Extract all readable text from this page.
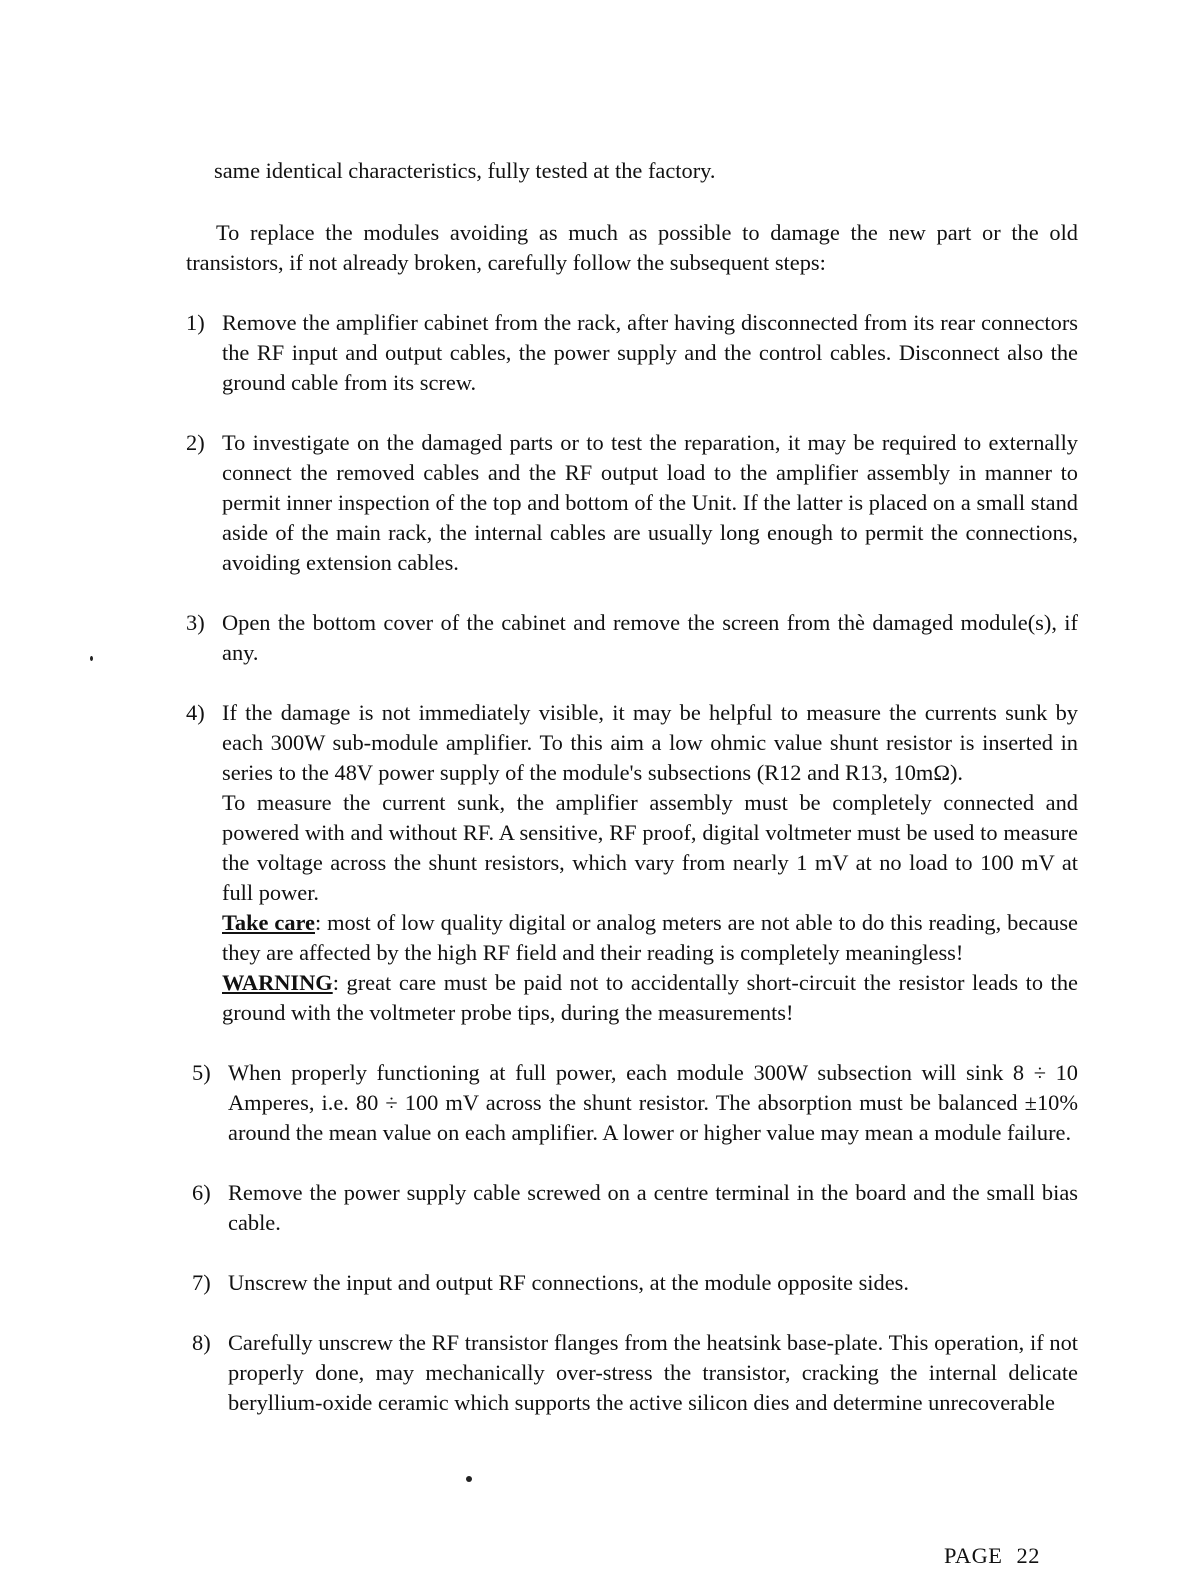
same identical characteristics, fully tested at the factory.

To replace the modules avoiding as much as possible to damage the new part or the old transistors, if not already broken, carefully follow the subsequent steps:

1) Remove the amplifier cabinet from the rack, after having disconnected from its rear connectors the RF input and output cables, the power supply and the control cables. Disconnect also the ground cable from its screw.
2) To investigate on the damaged parts or to test the reparation, it may be required to externally connect the removed cables and the RF output load to the amplifier assembly in manner to permit inner inspection of the top and bottom of the Unit. If the latter is placed on a small stand aside of the main rack, the internal cables are usually long enough to permit the connections, avoiding extension cables.
3) Open the bottom cover of the cabinet and remove the screen from thè damaged module(s), if any.
4) If the damage is not immediately visible, it may be helpful to measure the currents sunk by each 300W sub-module amplifier. To this aim a low ohmic value shunt resistor is inserted in series to the 48V power supply of the module's subsections (R12 and R13, 10mΩ).
To measure the current sunk, the amplifier assembly must be completely connected and powered with and without RF. A sensitive, RF proof, digital voltmeter must be used to measure the voltage across the shunt resistors, which vary from nearly 1 mV at no load to 100 mV at full power.
Take care: most of low quality digital or analog meters are not able to do this reading, because they are affected by the high RF field and their reading is completely meaningless!
WARNING: great care must be paid not to accidentally short-circuit the resistor leads to the ground with the voltmeter probe tips, during the measurements!
5) When properly functioning at full power, each module 300W subsection will sink 8 ÷ 10 Amperes, i.e. 80 ÷ 100 mV across the shunt resistor. The absorption must be balanced ±10% around the mean value on each amplifier. A lower or higher value may mean a module failure.
6) Remove the power supply cable screwed on a centre terminal in the board and the small bias cable.
7) Unscrew the input and output RF connections, at the module opposite sides.
8) Carefully unscrew the RF transistor flanges from the heatsink base-plate. This operation, if not properly done, may mechanically over-stress the transistor, cracking the internal delicate beryllium-oxide ceramic which supports the active silicon dies and determine unrecoverable
PAGE 22
